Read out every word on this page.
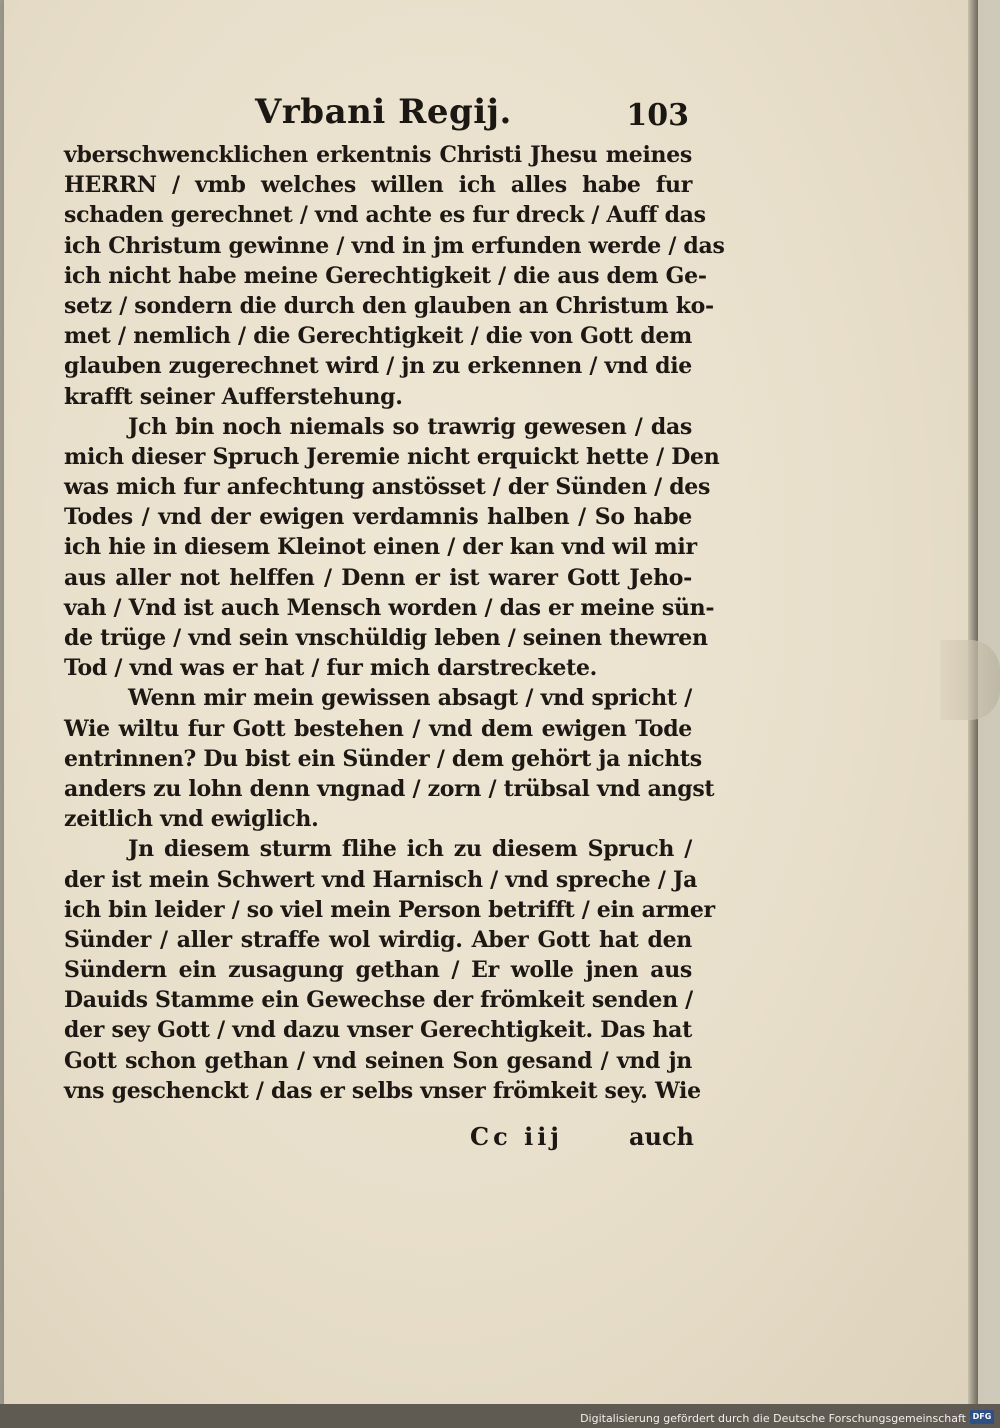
Vrbani Regij.	103
vberschwencklichen erkentnis Christi Jhesu meines
HERRN / vmb welches willen ich alles habe fur
schaden gerechnet / vnd achte es fur dreck / Auff das
ich Christum gewinne / vnd in jm erfunden werde / das
ich nicht habe meine Gerechtigkeit / die aus dem Ge-
setz / sondern die durch den glauben an Christum ko-
met / nemlich / die Gerechtigkeit / die von Gott dem
glauben zugerechnet wird / jn zu erkennen / vnd die
krafft seiner Aufferstehung.
Jch bin noch niemals so trawrig gewesen / das
mich dieser Spruch Jeremie nicht erquickt hette / Den
was mich fur anfechtung anstösset / der Sünden / des
Todes / vnd der ewigen verdamnis halben / So habe
ich hie in diesem Kleinot einen / der kan vnd wil mir
aus aller not helffen / Denn er ist warer Gott Jeho-
vah / Vnd ist auch Mensch worden / das er meine sün-
de trüge / vnd sein vnschüldig leben / seinen thewren
Tod / vnd was er hat / fur mich darstreckete.
Wenn mir mein gewissen absagt / vnd spricht /
Wie wiltu fur Gott bestehen / vnd dem ewigen Tode
entrinnen? Du bist ein Sünder / dem gehört ja nichts
anders zu lohn denn vngnad / zorn / trübsal vnd angst
zeitlich vnd ewiglich.
Jn diesem sturm flihe ich zu diesem Spruch /
der ist mein Schwert vnd Harnisch / vnd spreche / Ja
ich bin leider / so viel mein Person betrifft / ein armer
Sünder / aller straffe wol wirdig. Aber Gott hat den
Sündern ein zusagung gethan / Er wolle jnen aus
Dauids Stamme ein Gewechse der frömkeit senden /
der sey Gott / vnd dazu vnser Gerechtigkeit. Das hat
Gott schon gethan / vnd seinen Son gesand / vnd jn
vns geschenckt / das er selbs vnser frömkeit sey. Wie
Cc iij	auch
Digitalisierung gefördert durch die Deutsche Forschungsgemeinschaft DFG
